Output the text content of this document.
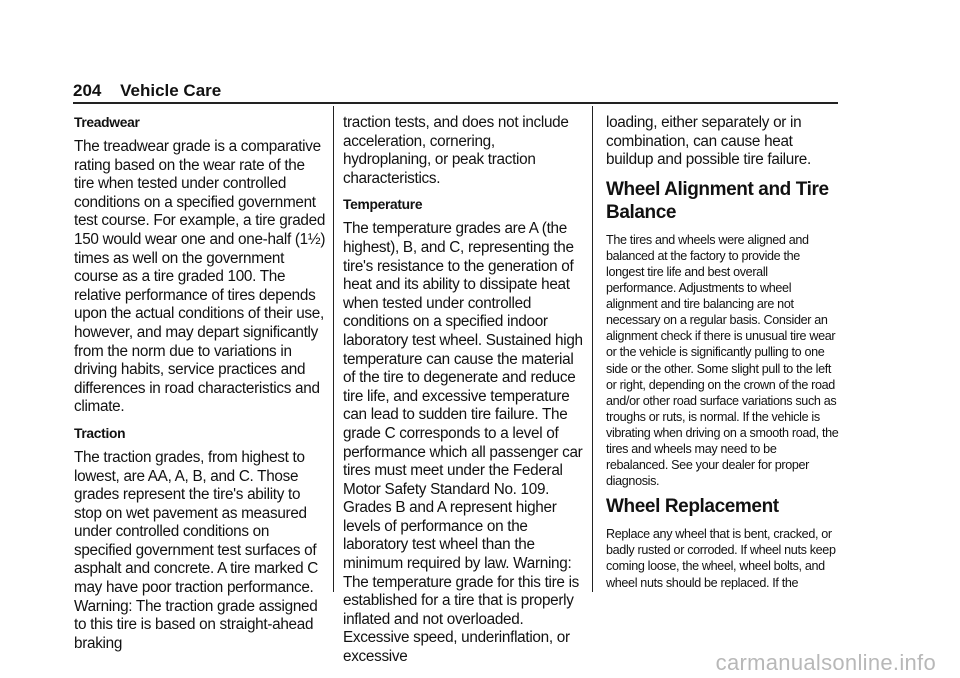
204 Vehicle Care
Treadwear

The treadwear grade is a comparative rating based on the wear rate of the tire when tested under controlled conditions on a specified government test course. For example, a tire graded 150 would wear one and one-half (1½) times as well on the government course as a tire graded 100. The relative performance of tires depends upon the actual conditions of their use, however, and may depart significantly from the norm due to variations in driving habits, service practices and differences in road characteristics and climate.

Traction

The traction grades, from highest to lowest, are AA, A, B, and C. Those grades represent the tire's ability to stop on wet pavement as measured under controlled conditions on specified government test surfaces of asphalt and concrete. A tire marked C may have poor traction performance. Warning: The traction grade assigned to this tire is based on straight-ahead braking

traction tests, and does not include acceleration, cornering, hydroplaning, or peak traction characteristics.

Temperature

The temperature grades are A (the highest), B, and C, representing the tire's resistance to the generation of heat and its ability to dissipate heat when tested under controlled conditions on a specified indoor laboratory test wheel. Sustained high temperature can cause the material of the tire to degenerate and reduce tire life, and excessive temperature can lead to sudden tire failure. The grade C corresponds to a level of performance which all passenger car tires must meet under the Federal Motor Safety Standard No. 109. Grades B and A represent higher levels of performance on the laboratory test wheel than the minimum required by law. Warning: The temperature grade for this tire is established for a tire that is properly inflated and not overloaded. Excessive speed, underinflation, or excessive

loading, either separately or in combination, can cause heat buildup and possible tire failure.

Wheel Alignment and Tire Balance

The tires and wheels were aligned and balanced at the factory to provide the longest tire life and best overall performance. Adjustments to wheel alignment and tire balancing are not necessary on a regular basis. Consider an alignment check if there is unusual tire wear or the vehicle is significantly pulling to one side or the other. Some slight pull to the left or right, depending on the crown of the road and/or other road surface variations such as troughs or ruts, is normal. If the vehicle is vibrating when driving on a smooth road, the tires and wheels may need to be rebalanced. See your dealer for proper diagnosis.

Wheel Replacement

Replace any wheel that is bent, cracked, or badly rusted or corroded. If wheel nuts keep coming loose, the wheel, wheel bolts, and wheel nuts should be replaced. If the

carmanualsonline.info
